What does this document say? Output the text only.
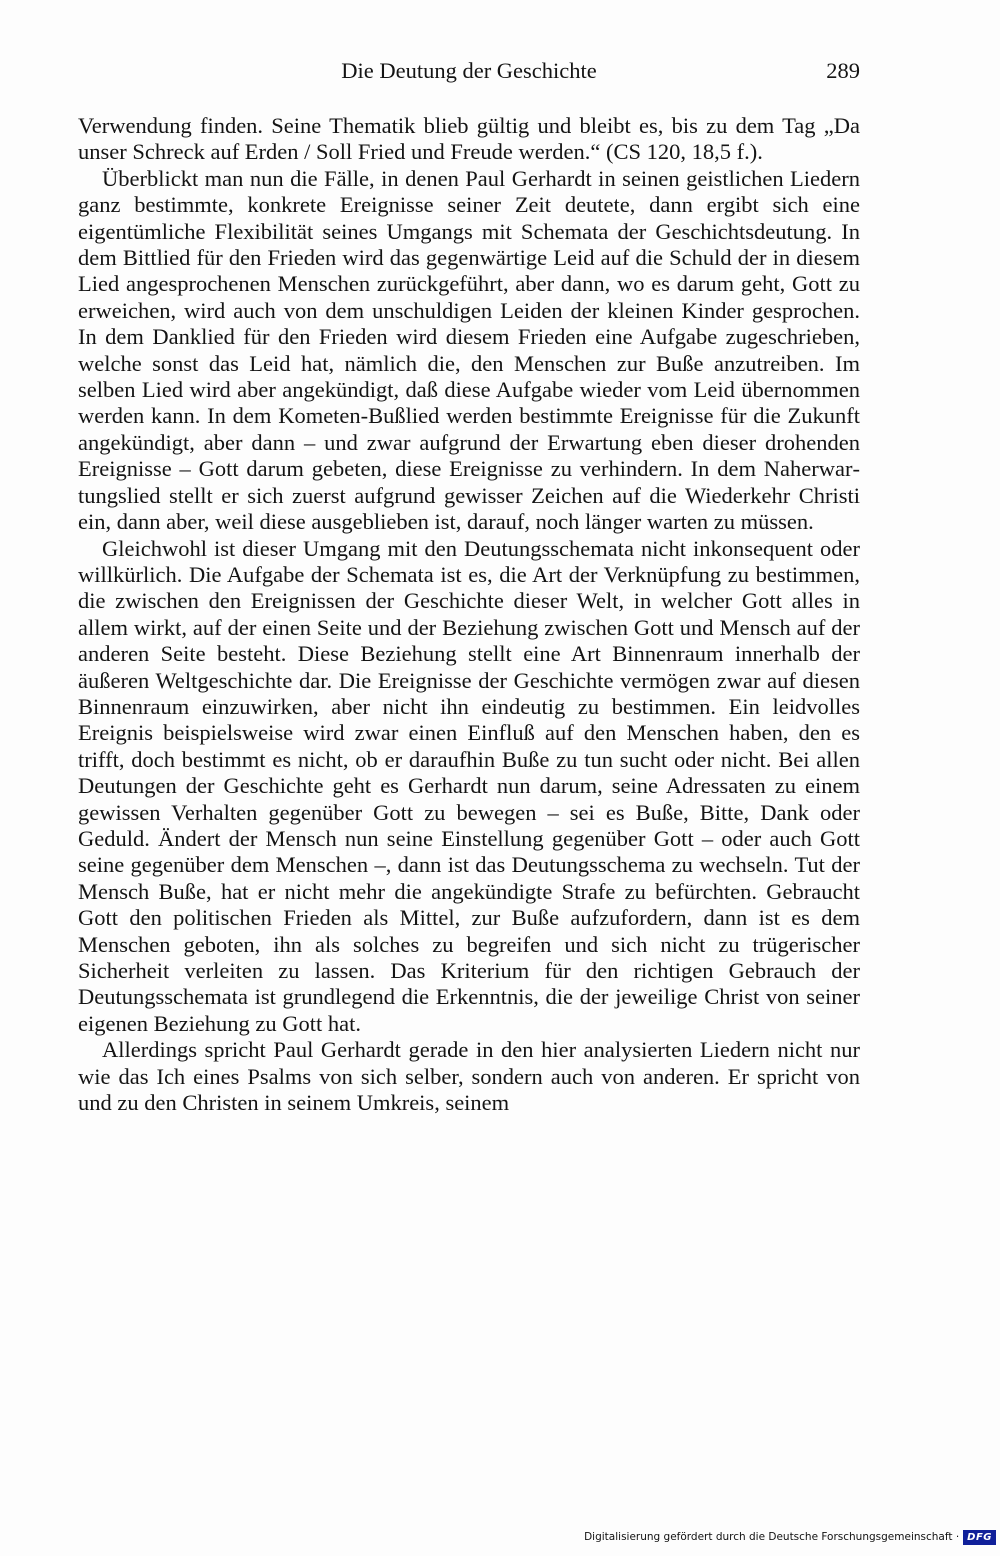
Die Deutung der Geschichte	289

Verwendung finden. Seine Thematik blieb gültig und bleibt es, bis zu dem Tag „Da unser Schreck auf Erden / Soll Fried und Freude werden.“ (CS 120, 18,5 f.).

Überblickt man nun die Fälle, in denen Paul Gerhardt in seinen geistlichen Liedern ganz bestimmte, konkrete Ereignisse seiner Zeit deutete, dann ergibt sich eine eigentümliche Flexibilität seines Umgangs mit Schemata der Geschichtsdeutung. In dem Bittlied für den Frieden wird das gegenwärtige Leid auf die Schuld der in diesem Lied angesprochenen Menschen zurückgeführt, aber dann, wo es darum geht, Gott zu erweichen, wird auch von dem unschuldigen Leiden der kleinen Kinder gesprochen. In dem Danklied für den Frieden wird diesem Frieden eine Aufgabe zugeschrieben, welche sonst das Leid hat, nämlich die, den Menschen zur Buße anzutreiben. Im selben Lied wird aber angekündigt, daß diese Aufgabe wieder vom Leid übernommen werden kann. In dem Kometen-Bußlied werden bestimmte Ereignisse für die Zukunft angekündigt, aber dann – und zwar aufgrund der Erwartung eben dieser drohenden Ereignisse – Gott darum gebeten, diese Ereignisse zu verhindern. In dem Naherwartungslied stellt er sich zuerst aufgrund gewisser Zeichen auf die Wiederkehr Christi ein, dann aber, weil diese ausgeblieben ist, darauf, noch länger warten zu müssen.

Gleichwohl ist dieser Umgang mit den Deutungsschemata nicht inkonsequent oder willkürlich. Die Aufgabe der Schemata ist es, die Art der Verknüpfung zu bestimmen, die zwischen den Ereignissen der Geschichte dieser Welt, in welcher Gott alles in allem wirkt, auf der einen Seite und der Beziehung zwischen Gott und Mensch auf der anderen Seite besteht. Diese Beziehung stellt eine Art Binnenraum innerhalb der äußeren Weltgeschichte dar. Die Ereignisse der Geschichte vermögen zwar auf diesen Binnenraum einzuwirken, aber nicht ihn eindeutig zu bestimmen. Ein leidvolles Ereignis beispielsweise wird zwar einen Einfluß auf den Menschen haben, den es trifft, doch bestimmt es nicht, ob er daraufhin Buße zu tun sucht oder nicht. Bei allen Deutungen der Geschichte geht es Gerhardt nun darum, seine Adressaten zu einem gewissen Verhalten gegenüber Gott zu bewegen – sei es Buße, Bitte, Dank oder Geduld. Ändert der Mensch nun seine Einstellung gegenüber Gott – oder auch Gott seine gegenüber dem Menschen –, dann ist das Deutungsschema zu wechseln. Tut der Mensch Buße, hat er nicht mehr die angekündigte Strafe zu befürchten. Gebraucht Gott den politischen Frieden als Mittel, zur Buße aufzufordern, dann ist es dem Menschen geboten, ihn als solches zu begreifen und sich nicht zu trügerischer Sicherheit verleiten zu lassen. Das Kriterium für den richtigen Gebrauch der Deutungsschemata ist grundlegend die Erkenntnis, die der jeweilige Christ von seiner eigenen Beziehung zu Gott hat.

Allerdings spricht Paul Gerhardt gerade in den hier analysierten Liedern nicht nur wie das Ich eines Psalms von sich selber, sondern auch von anderen. Er spricht von und zu den Christen in seinem Umkreis, seinem

Digitalisierung gefördert durch die Deutsche Forschungsgemeinschaft · DFG
